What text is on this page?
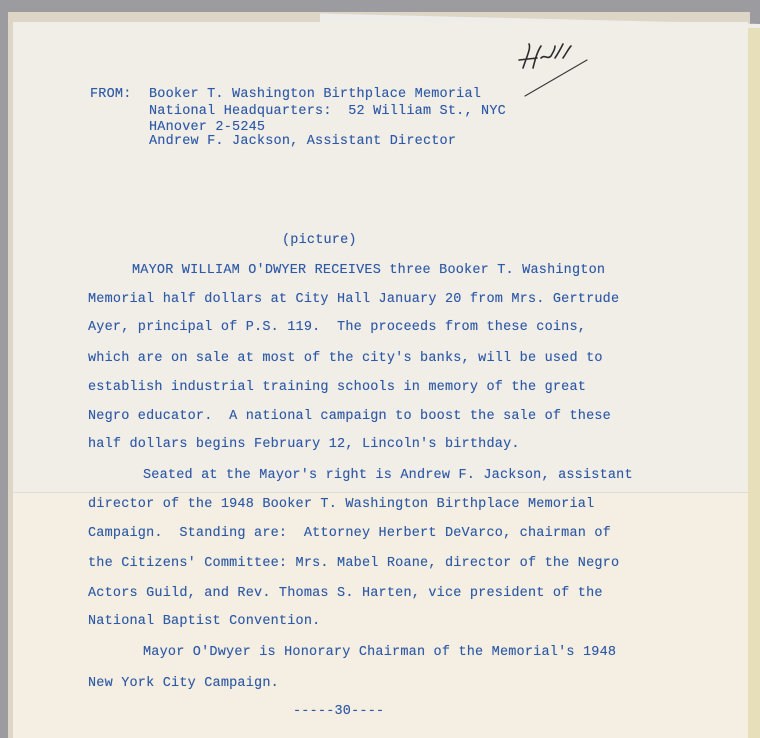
FROM: Booker T. Washington Birthplace Memorial
National Headquarters:  52 William St., NYC
HAnover 2-5245
Andrew F. Jackson, Assistant Director
(picture)
MAYOR WILLIAM O'DWYER RECEIVES three Booker T. Washington
Memorial half dollars at City Hall January 20 from Mrs. Gertrude
Ayer, principal of P.S. 119.  The proceeds from these coins,
which are on sale at most of the city's banks, will be used to
establish industrial training schools in memory of the great
Negro educator.  A national campaign to boost the sale of these
half dollars begins February 12, Lincoln's birthday.
Seated at the Mayor's right is Andrew F. Jackson, assistant
director of the 1948 Booker T. Washington Birthplace Memorial
Campaign.  Standing are:  Attorney Herbert DeVarco, chairman of
the Citizens' Committee: Mrs. Mabel Roane, director of the Negro
Actors Guild, and Rev. Thomas S. Harten, vice president of the
National Baptist Convention.
Mayor O'Dwyer is Honorary Chairman of the Memorial's 1948
New York City Campaign.
-----30----
